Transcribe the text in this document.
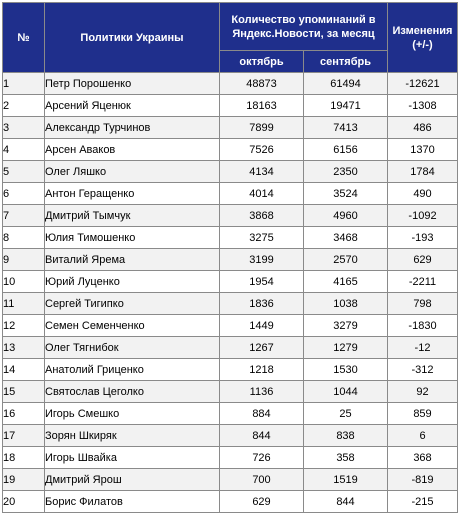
№	Политики Украины	Количество упоминаний в Яндекс.Новости, за месяц		Изменения (+/-)
		октябрь	сентябрь	
1	Петр Порошенко	48873	61494	-12621
2	Арсений Яценюк	18163	19471	-1308
3	Александр Турчинов	7899	7413	486
4	Арсен Аваков	7526	6156	1370
5	Олег Ляшко	4134	2350	1784
6	Антон Геращенко	4014	3524	490
7	Дмитрий Тымчук	3868	4960	-1092
8	Юлия Тимошенко	3275	3468	-193
9	Виталий Ярема	3199	2570	629
10	Юрий Луценко	1954	4165	-2211
11	Сергей Тигипко	1836	1038	798
12	Семен Семенченко	1449	3279	-1830
13	Олег Тягнибок	1267	1279	-12
14	Анатолий Гриценко	1218	1530	-312
15	Святослав Цеголко	1136	1044	92
16	Игорь Смешко	884	25	859
17	Зорян Шкиряк	844	838	6
18	Игорь Швайка	726	358	368
19	Дмитрий Ярош	700	1519	-819
20	Борис Филатов	629	844	-215
